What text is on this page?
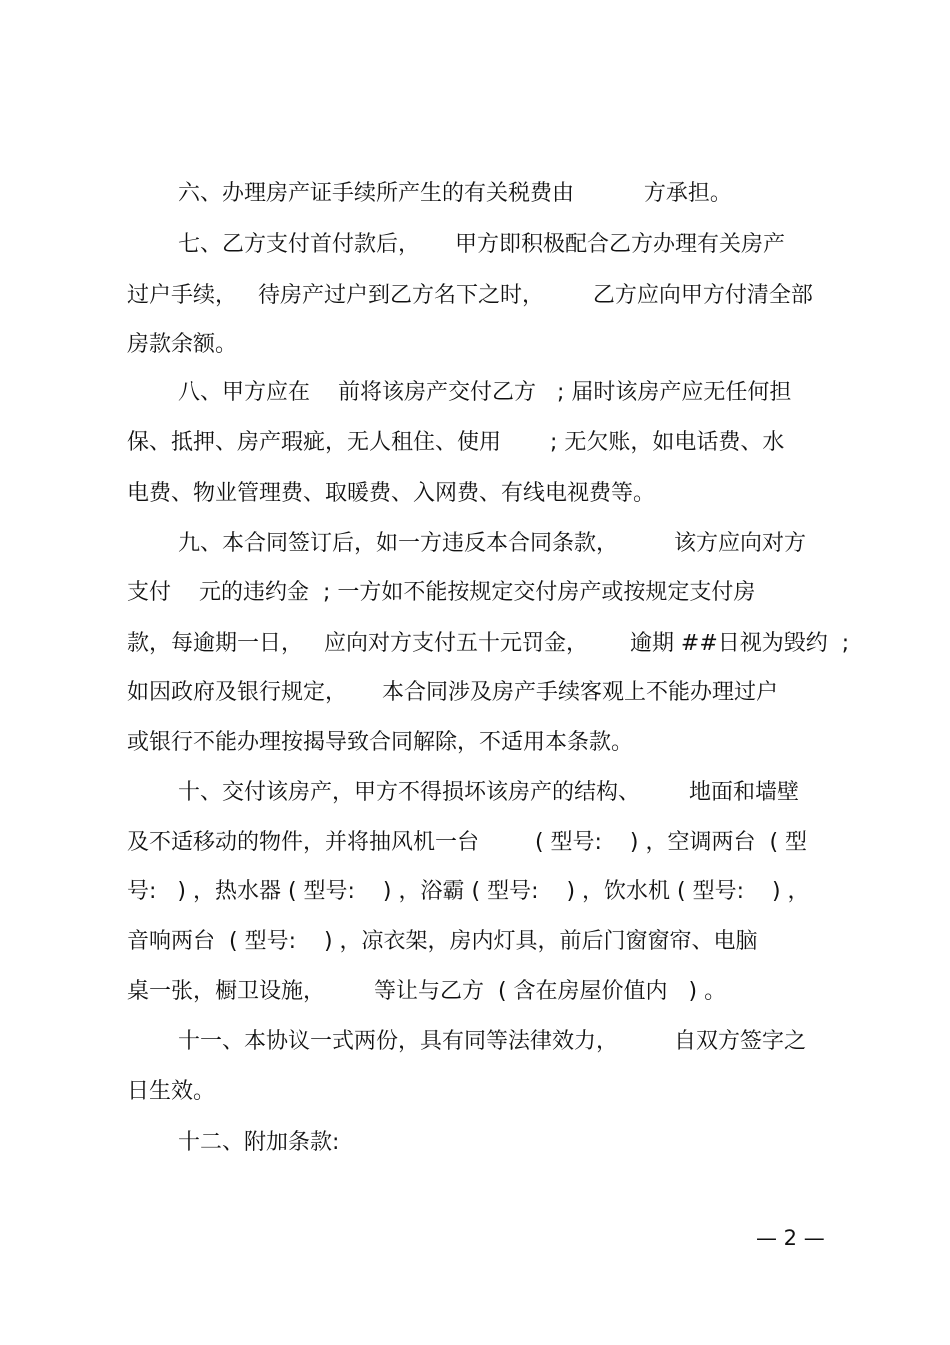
六、办理房产证手续所产生的有关税费由          方承担。
七、乙方支付首付款后，     甲方即积极配合乙方办理有关房产
过户手续，   待房产过户到乙方名下之时，       乙方应向甲方付清全部
房款余额。
八、甲方应在    前将该房产交付乙方   ; 届时该房产应无任何担
保、抵押、房产瑕疵，无人租住、使用       ; 无欠账，如电话费、水
电费、物业管理费、取暖费、入网费、有线电视费等。
九、本合同签订后，如一方违反本合同条款，        该方应向对方
支付    元的违约金  ; 一方如不能按规定交付房产或按规定支付房
款，每逾期一日，   应向对方支付五十元罚金，      逾期 ##日视为毁约  ;
如因政府及银行规定，     本合同涉及房产手续客观上不能办理过户
或银行不能办理按揭导致合同解除，不适用本条款。
十、交付该房产，甲方不得损坏该房产的结构、       地面和墙壁
及不适移动的物件，并将抽风机一台        ( 型号:    ) ，空调两台  ( 型
号:   ) ，热水器 ( 型号:    ) ，浴霸 ( 型号:    ) ，饮水机 ( 型号:    ) ，
音响两台  ( 型号:    ) ，凉衣架，房内灯具，前后门窗窗帘、电脑
桌一张，橱卫设施，       等让与乙方  ( 含在房屋价值内   ) 。
十一、本协议一式两份，具有同等法律效力，        自双方签字之
日生效。
十二、附加条款:
— 2 —
